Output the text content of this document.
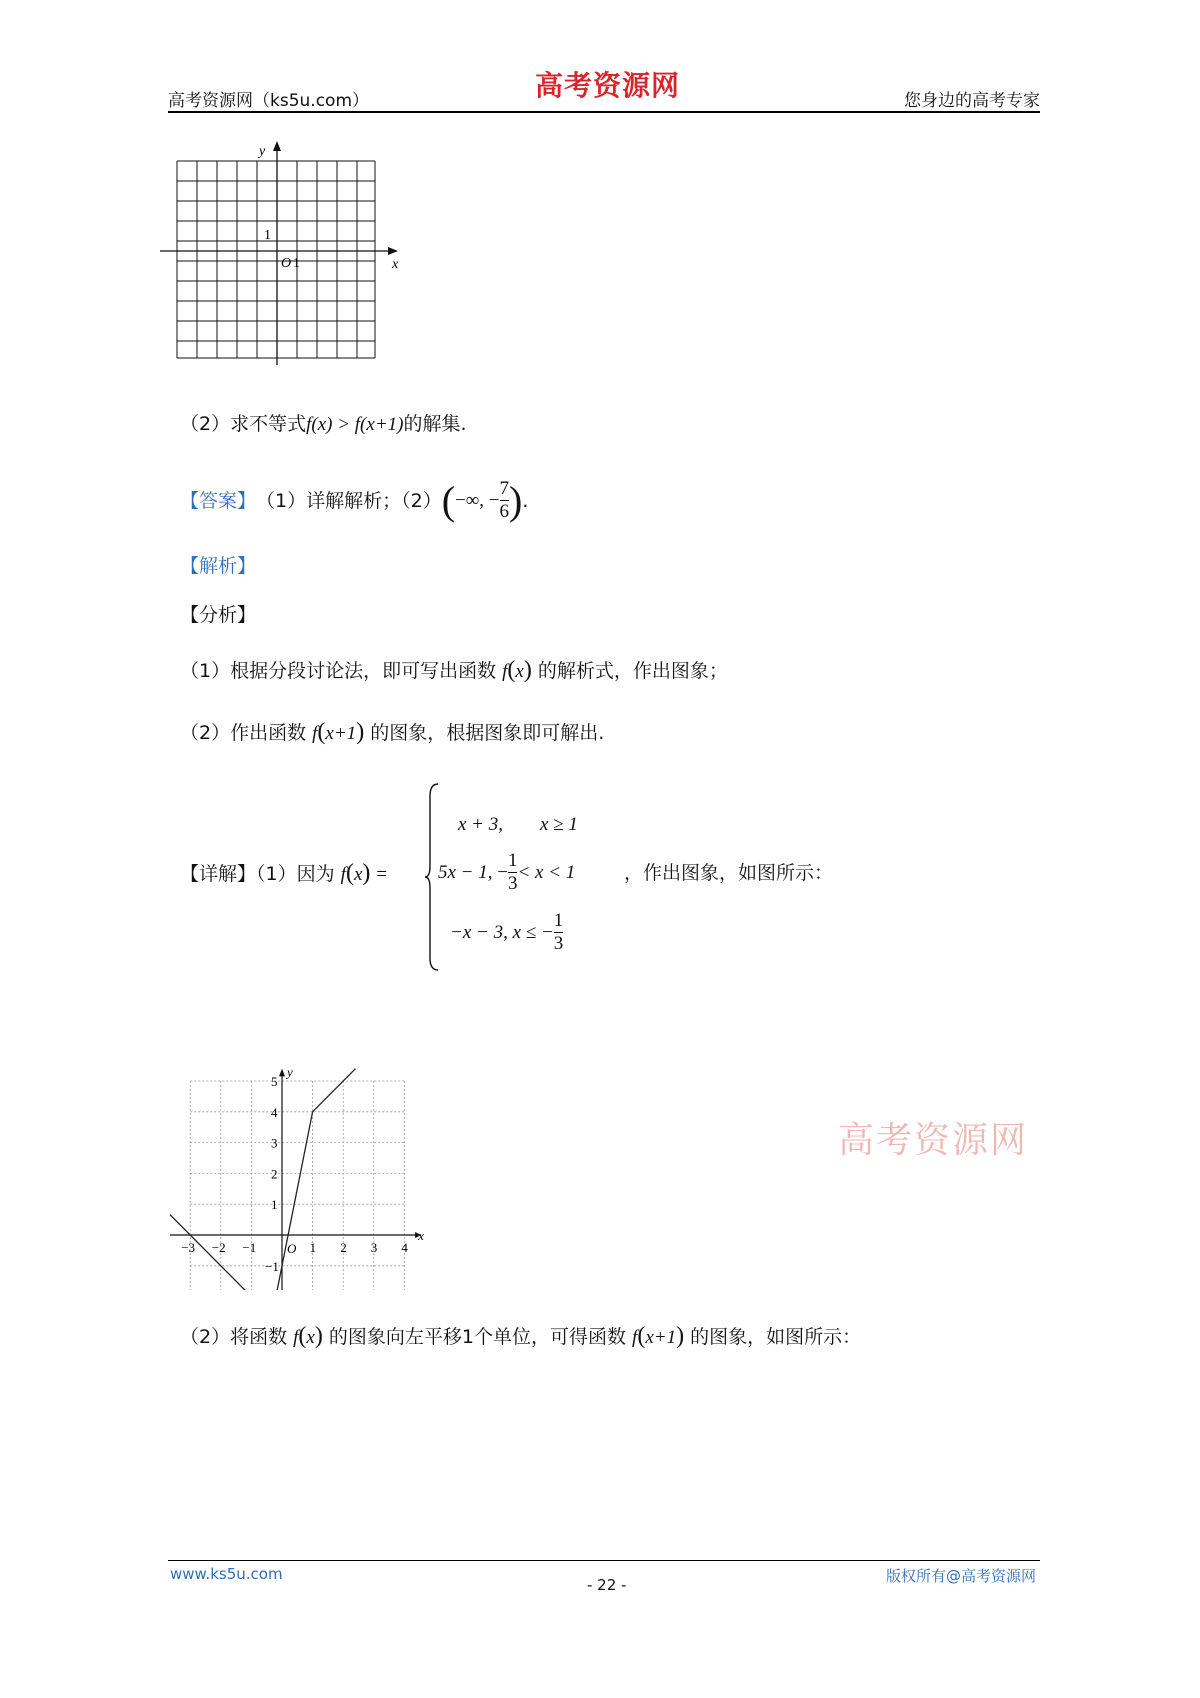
高考资源网（ks5u.com）	高考资源网	您身边的高考专家
y
x
1
O 1
（2）求不等式f(x) > f(x+1)的解集.
【答案】 （1）详解解析；（2） ( −∞, − $\frac{7}{6}$ ) .
【解析】
【分析】
（1）根据分段讨论法，即可写出函数 f(x) 的解析式，作出图象；
（2）作出函数 f(x+1) 的图象，根据图象即可解出.
【详解】（1）因为 f(x) =
x + 3, x ≥ 1
5x − 1,
− $\frac{1}{3} < x < 1$
−x − 3,
x ≤ − $\frac{1}{3}$
，作出图象，如图所示：
x
y
O
−3 −2 −1	1 2 3 4
5
4
3
2
1
−1
高考资源网
（2）将函数 f(x) 的图象向左平移1个单位，可得函数 f(x+1) 的图象，如图所示：
www.ks5u.com
- 22 -	版权所有@高考资源网
